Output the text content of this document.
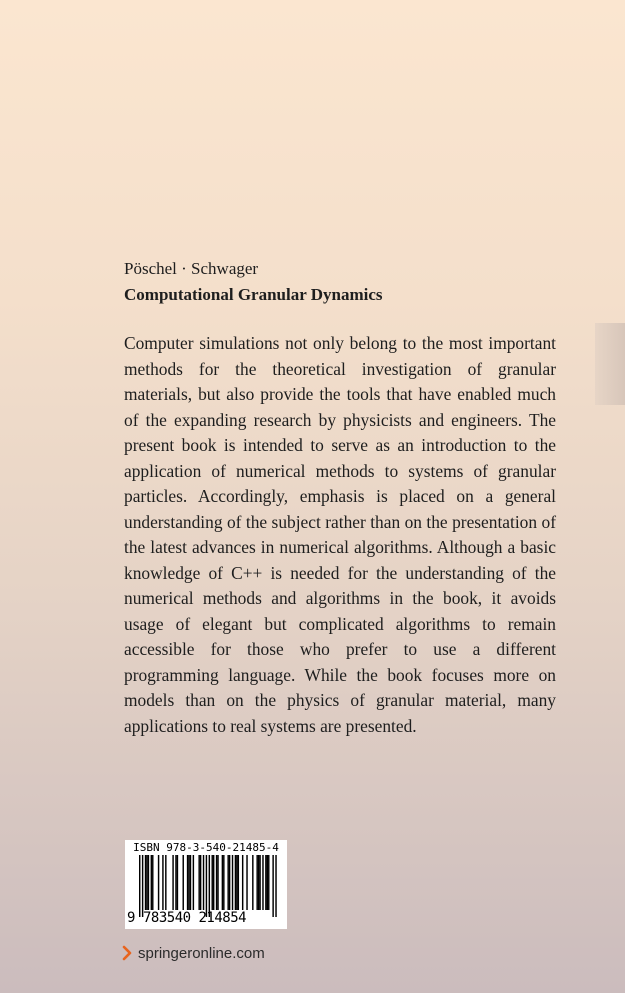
Pöschel · Schwager
Computational Granular Dynamics

Computer simulations not only belong to the most important methods for the theoretical investigation of granular materials, but also provide the tools that have enabled much of the expanding research by physicists and engineers. The present book is intended to serve as an introduction to the application of numerical methods to systems of granular particles. Accordingly, emphasis is placed on a general understanding of the subject rather than on the presentation of the latest advances in numerical algorithms. Although a basic knowledge of C++ is needed for the understanding of the numerical methods and algorithms in the book, it avoids usage of elegant but complicated algorithms to remain accessible for those who prefer to use a different programming language. While the book focuses more on models than on the physics of granular material, many applications to real systems are presented.

ISBN 978-3-540-21485-4
9 783540 214854
springeronline.com
